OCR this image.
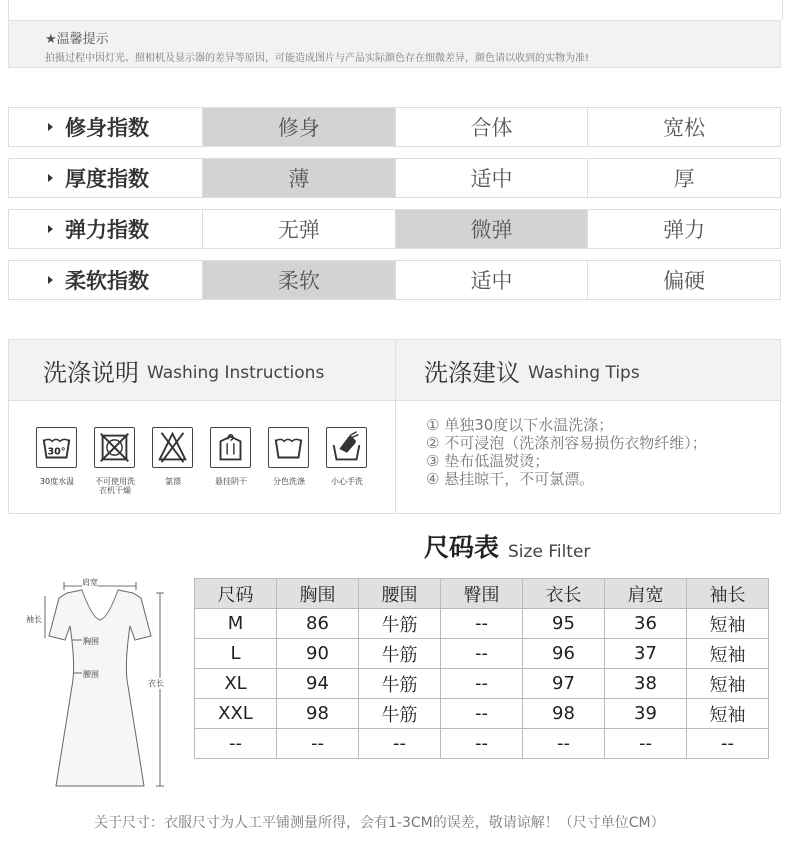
★温馨提示
拍摄过程中因灯光、照相机及显示器的差异等原因，可能造成图片与产品实际颜色存在细微差异，颜色请以收到的实物为准!
修身指数	修身	合体	宽松
厚度指数	薄	适中	厚
弹力指数	无弹	微弹	弹力
柔软指数	柔软	适中	偏硬
洗涤说明 Washing Instructions	洗涤建议 Washing Tips
30°
30度水温	不可使用洗衣机干燥
氯漂	悬挂阴干	分色洗涤	小心手洗
① 单独30度以下水温洗涤；
② 不可浸泡（洗涤剂容易损伤衣物纤维）；
③ 垫布低温熨烫；
④ 悬挂晾干，不可氯漂。
尺码表 Size Filter
肩宽
袖长
胸围
腰围
衣长
尺码	胸围	腰围	臀围	衣长	肩宽	袖长
M	86	牛筋	--	95	36	短袖
L	90	牛筋	--	96	37	短袖
XL	94	牛筋	--	97	38	短袖
XXL	98	牛筋	--	98	39	短袖
--	--	--	--	--	--	--
关于尺寸：衣服尺寸为人工平铺测量所得，会有1-3CM的误差，敬请谅解！（尺寸单位CM）
